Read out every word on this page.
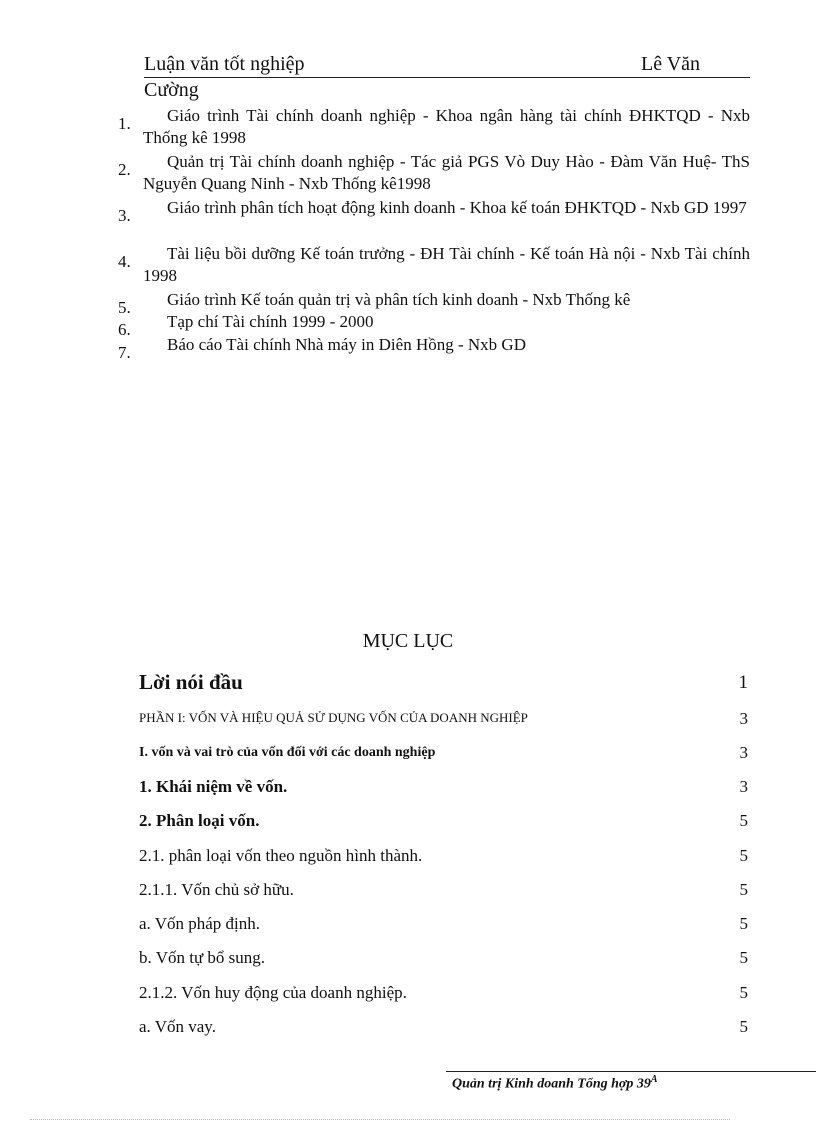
Luận văn tốt nghiệp	Lê Văn
Cường
1.	Giáo trình Tài chính doanh nghiệp - Khoa ngân hàng tài chính ĐHKTQD - Nxb Thống kê 1998
2.	Quản trị Tài chính doanh nghiệp - Tác giả PGS Vò Duy Hào - Đàm Văn Huệ- ThS Nguyễn Quang Ninh - Nxb Thống kê1998
3.	Giáo trình phân tích hoạt động kinh doanh - Khoa kế toán ĐHKTQD - Nxb GD 1997
4.	Tài liệu bồi dưỡng Kế toán trưởng - ĐH Tài chính - Kế toán Hà nội - Nxb Tài chính 1998
5.	Giáo trình Kế toán quản trị và phân tích kinh doanh - Nxb Thống kê
6.	Tạp chí Tài chính 1999 - 2000
7.	Báo cáo Tài chính Nhà máy in Diên Hồng - Nxb GD
MỤC LỤC
Lời nói đầu	1
PHẦN I: VỐN VÀ HIỆU QUẢ SỬ DỤNG VỐN CỦA DOANH NGHIỆP	3
I. vốn và vai trò của vốn đối với các doanh nghiệp	3
1. Khái niệm về vốn.	3
2. Phân loại vốn.	5
2.1. phân loại vốn theo nguồn hình thành.	5
2.1.1. Vốn chủ sở hữu.	5
a. Vốn pháp định.	5
b. Vốn tự bổ sung.	5
2.1.2. Vốn huy động của doanh nghiệp.	5
a. Vốn vay.	5
Quản trị Kinh doanh Tổng hợp $39^A$
